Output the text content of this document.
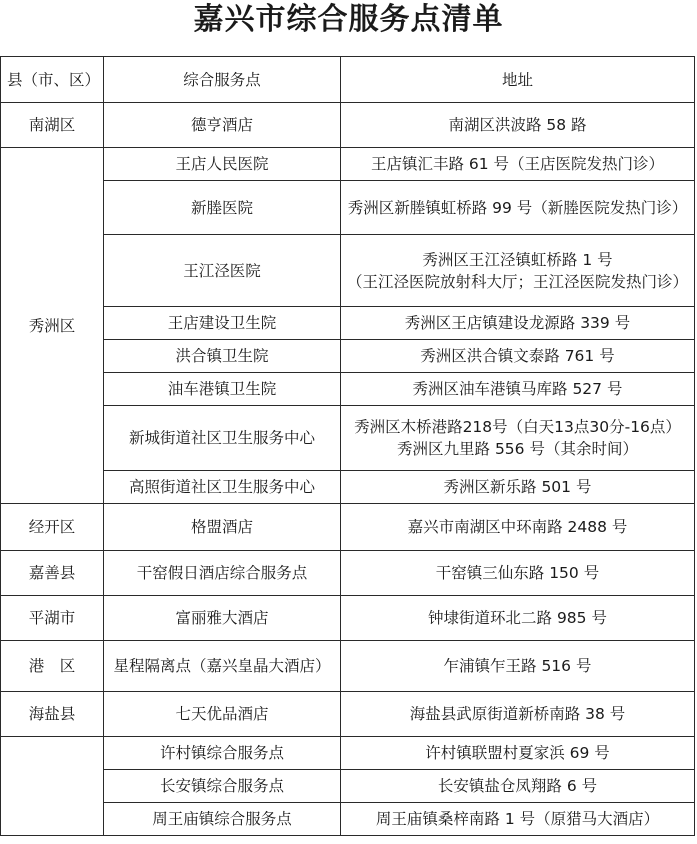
嘉兴市综合服务点清单
县（市、区）	综合服务点	地址
南湖区	德亨酒店	南湖区洪波路 58 路

秀洲区	王店人民医院	王店镇汇丰路 61 号（王店医院发热门诊）

	新塍医院	秀洲区新塍镇虹桥路 99 号（新塍医院发热门诊）

	王江泾医院	秀洲区王江泾镇虹桥路 1 号
（王江泾医院放射科大厅；王江泾医院发热门诊）

	王店建设卫生院	秀洲区王店镇建设龙源路 339 号

	洪合镇卫生院	秀洲区洪合镇文泰路 761 号

	油车港镇卫生院	秀洲区油车港镇马库路 527 号

	新城街道社区卫生服务中心	秀洲区木桥港路218号（白天13点30分-16点）
秀洲区九里路 556 号（其余时间）

	高照街道社区卫生服务中心	秀洲区新乐路 501 号

经开区	格盟酒店	嘉兴市南湖区中环南路 2488 号

嘉善县	干窑假日酒店综合服务点	干窑镇三仙东路 150 号

平湖市	富丽雅大酒店	钟埭街道环北二路 985 号

港　区	星程隔离点（嘉兴皇晶大酒店）	乍浦镇乍王路 516 号

海盐县	七天优品酒店	海盐县武原街道新桥南路 38 号

	许村镇综合服务点	许村镇联盟村夏家浜 69 号

	长安镇综合服务点	长安镇盐仓凤翔路 6 号

	周王庙镇综合服务点	周王庙镇桑梓南路 1 号（原猎马大酒店）
